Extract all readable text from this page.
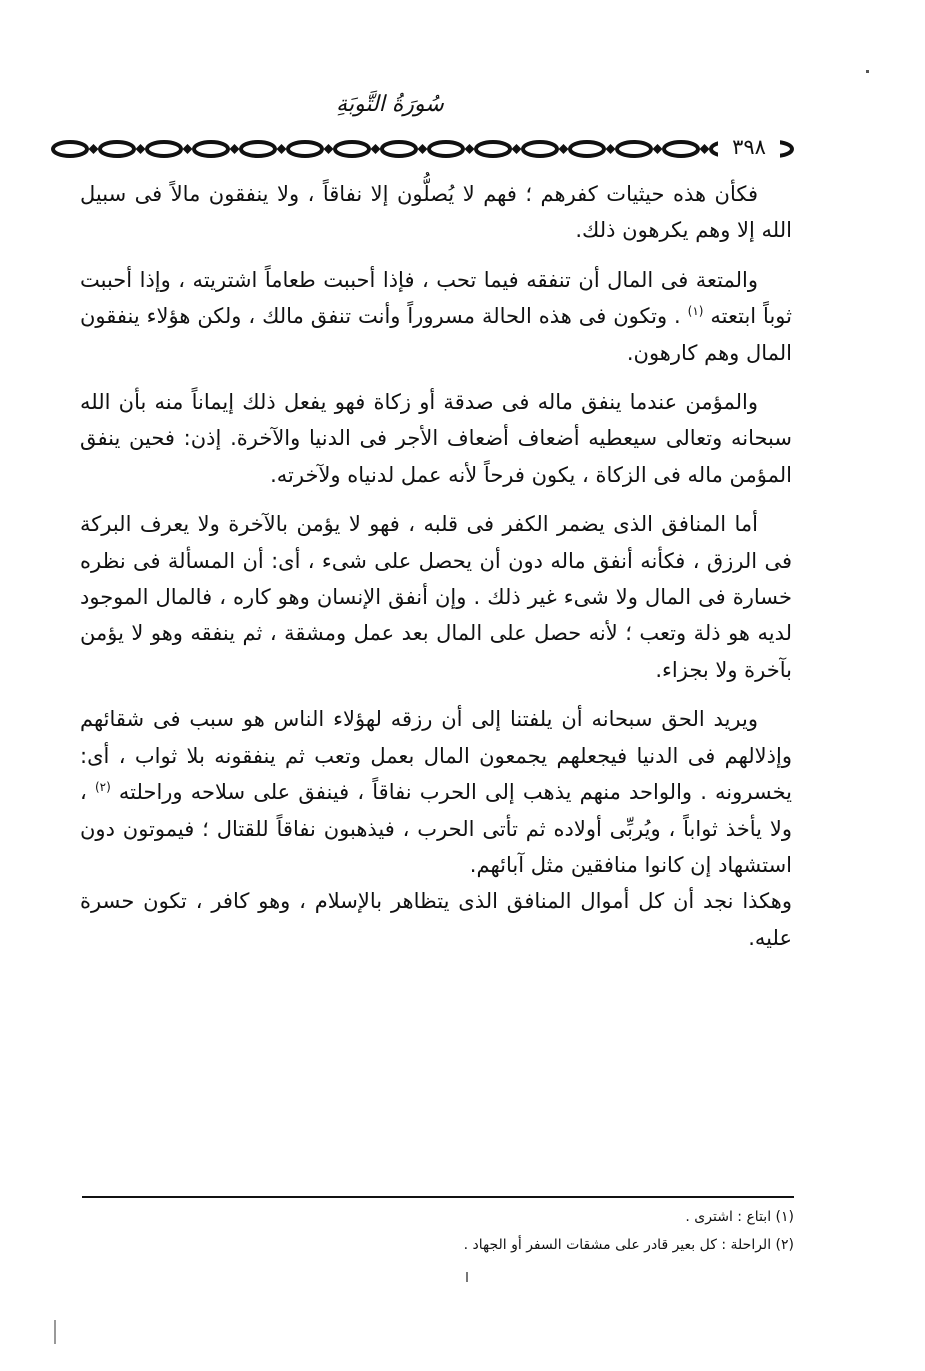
سُورَةُ التَّوبَةِ
٣٩٨

فكأن هذه حيثيات كفرهم ؛ فهم لا يُصلُّون إلا نفاقاً ، ولا ينفقون مالاً فى سبيل الله إلا وهم يكرهون ذلك.

والمتعة فى المال أن تنفقه فيما تحب ، فإذا أحببت طعاماً اشتريته ، وإذا أحببت ثوباً ابتعته $^{(١)}$ . وتكون فى هذه الحالة مسروراً وأنت تنفق مالك ، ولكن هؤلاء ينفقون المال وهم كارهون.

والمؤمن عندما ينفق ماله فى صدقة أو زكاة فهو يفعل ذلك إيماناً منه بأن الله سبحانه وتعالى سيعطيه أضعاف أضعاف الأجر فى الدنيا والآخرة. إذن: فحين ينفق المؤمن ماله فى الزكاة ، يكون فرحاً لأنه عمل لدنياه ولآخرته.

أما المنافق الذى يضمر الكفر فى قلبه ، فهو لا يؤمن بالآخرة ولا يعرف البركة فى الرزق ، فكأنه أنفق ماله دون أن يحصل على شىء ، أى: أن المسألة فى نظره خسارة فى المال ولا شىء غير ذلك . وإن أنفق الإنسان وهو كاره ، فالمال الموجود لديه هو ذلة وتعب ؛ لأنه حصل على المال بعد عمل ومشقة ، ثم ينفقه وهو لا يؤمن بآخرة ولا بجزاء.

ويريد الحق سبحانه أن يلفتنا إلى أن رزقه لهؤلاء الناس هو سبب فى شقائهم وإذلالهم فى الدنيا فيجعلهم يجمعون المال بعمل وتعب ثم ينفقونه بلا ثواب ، أى: يخسرونه . والواحد منهم يذهب إلى الحرب نفاقاً ، فينفق على سلاحه وراحلته $^{(٢)}$ ، ولا يأخذ ثواباً ، ويُربِّى أولاده ثم تأتى الحرب ، فيذهبون نفاقاً للقتال ؛ فيموتون دون استشهاد إن كانوا منافقين مثل آبائهم.

وهكذا نجد أن كل أموال المنافق الذى يتظاهر بالإسلام ، وهو كافر ، تكون حسرة عليه.

(١) ابتاع : اشترى .

(٢) الراحلة : كل بعير قادر على مشقات السفر أو الجهاد .
